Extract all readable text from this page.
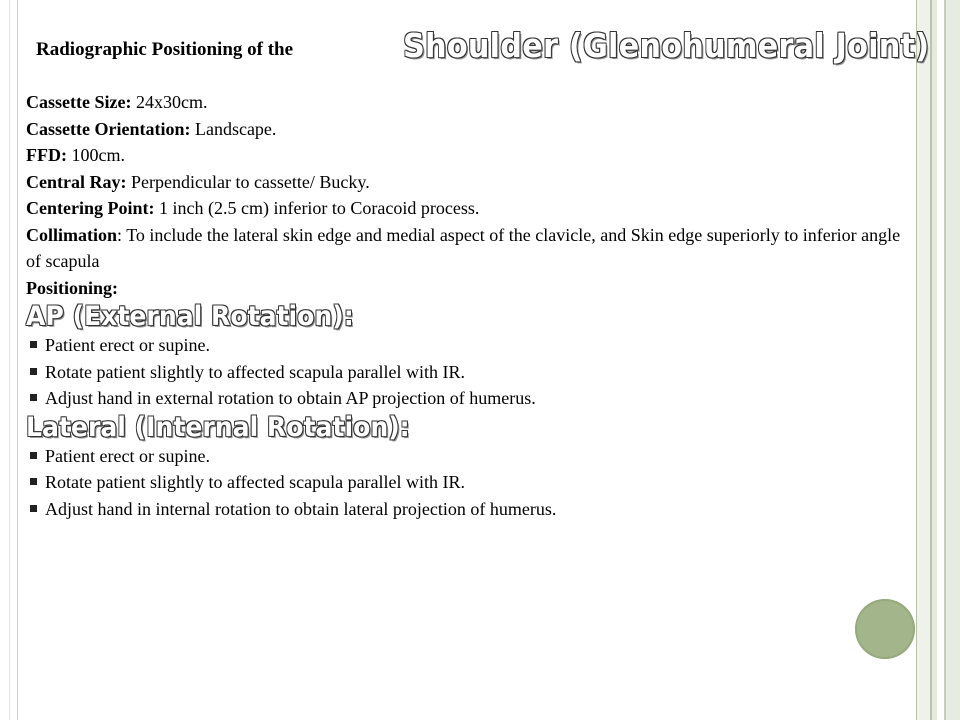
Radiographic Positioning of the	Shoulder (Glenohumeral Joint)
Cassette Size: 24x30cm.
Cassette Orientation: Landscape.
FFD: 100cm.
Central Ray: Perpendicular to cassette/ Bucky.
Centering Point: 1 inch (2.5 cm) inferior to Coracoid process.
Collimation: To include the lateral skin edge and medial aspect of the clavicle, and Skin edge superiorly to inferior angle of scapula
Positioning:
AP (External Rotation):
Patient erect or supine.
Rotate patient slightly to affected scapula parallel with IR.
Adjust hand in external rotation to obtain AP projection of humerus.
Lateral (Internal Rotation):
Patient erect or supine.
Rotate patient slightly to affected scapula parallel with IR.
Adjust hand in internal rotation to obtain lateral projection of humerus.
